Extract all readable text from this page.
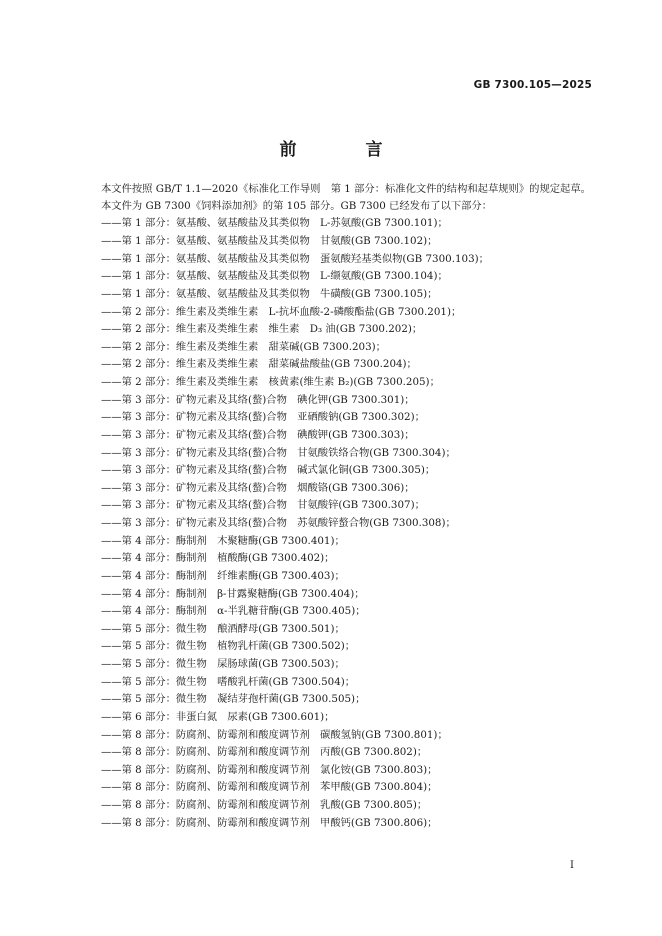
GB 7300.105—2025
前　言

本文件按照 GB/T 1.1—2020《标准化工作导则　第 1 部分：标准化文件的结构和起草规则》的规定起草。

本文件为 GB 7300《饲料添加剂》的第 105 部分。GB 7300 已经发布了以下部分：

——第 1 部分：氨基酸、氨基酸盐及其类似物　L-苏氨酸(GB 7300.101)；
——第 1 部分：氨基酸、氨基酸盐及其类似物　甘氨酸(GB 7300.102)；
——第 1 部分：氨基酸、氨基酸盐及其类似物　蛋氨酸羟基类似物(GB 7300.103)；
——第 1 部分：氨基酸、氨基酸盐及其类似物　L-缬氨酸(GB 7300.104)；
——第 1 部分：氨基酸、氨基酸盐及其类似物　牛磺酸(GB 7300.105)；
——第 2 部分：维生素及类维生素　L-抗坏血酸-2-磷酸酯盐(GB 7300.201)；
——第 2 部分：维生素及类维生素　维生素　D₃ 油(GB 7300.202)；
——第 2 部分：维生素及类维生素　甜菜碱(GB 7300.203)；
——第 2 部分：维生素及类维生素　甜菜碱盐酸盐(GB 7300.204)；
——第 2 部分：维生素及类维生素　核黄素(维生素 B₂)(GB 7300.205)；
——第 3 部分：矿物元素及其络(螯)合物　碘化钾(GB 7300.301)；
——第 3 部分：矿物元素及其络(螯)合物　亚硒酸钠(GB 7300.302)；
——第 3 部分：矿物元素及其络(螯)合物　碘酸钾(GB 7300.303)；
——第 3 部分：矿物元素及其络(螯)合物　甘氨酸铁络合物(GB 7300.304)；
——第 3 部分：矿物元素及其络(螯)合物　碱式氯化铜(GB 7300.305)；
——第 3 部分：矿物元素及其络(螯)合物　烟酸铬(GB 7300.306)；
——第 3 部分：矿物元素及其络(螯)合物　甘氨酸锌(GB 7300.307)；
——第 3 部分：矿物元素及其络(螯)合物　苏氨酸锌螯合物(GB 7300.308)；
——第 4 部分：酶制剂　木聚糖酶(GB 7300.401)；
——第 4 部分：酶制剂　植酸酶(GB 7300.402)；
——第 4 部分：酶制剂　纤维素酶(GB 7300.403)；
——第 4 部分：酶制剂　β-甘露聚糖酶(GB 7300.404)；
——第 4 部分：酶制剂　α-半乳糖苷酶(GB 7300.405)；
——第 5 部分：微生物　酿酒酵母(GB 7300.501)；
——第 5 部分：微生物　植物乳杆菌(GB 7300.502)；
——第 5 部分：微生物　屎肠球菌(GB 7300.503)；
——第 5 部分：微生物　嗜酸乳杆菌(GB 7300.504)；
——第 5 部分：微生物　凝结芽孢杆菌(GB 7300.505)；
——第 6 部分：非蛋白氮　尿素(GB 7300.601)；
——第 8 部分：防腐剂、防霉剂和酸度调节剂　碳酸氢钠(GB 7300.801)；
——第 8 部分：防腐剂、防霉剂和酸度调节剂　丙酸(GB 7300.802)；
——第 8 部分：防腐剂、防霉剂和酸度调节剂　氯化铵(GB 7300.803)；
——第 8 部分：防腐剂、防霉剂和酸度调节剂　苯甲酸(GB 7300.804)；
——第 8 部分：防腐剂、防霉剂和酸度调节剂　乳酸(GB 7300.805)；
——第 8 部分：防腐剂、防霉剂和酸度调节剂　甲酸钙(GB 7300.806)；
I
